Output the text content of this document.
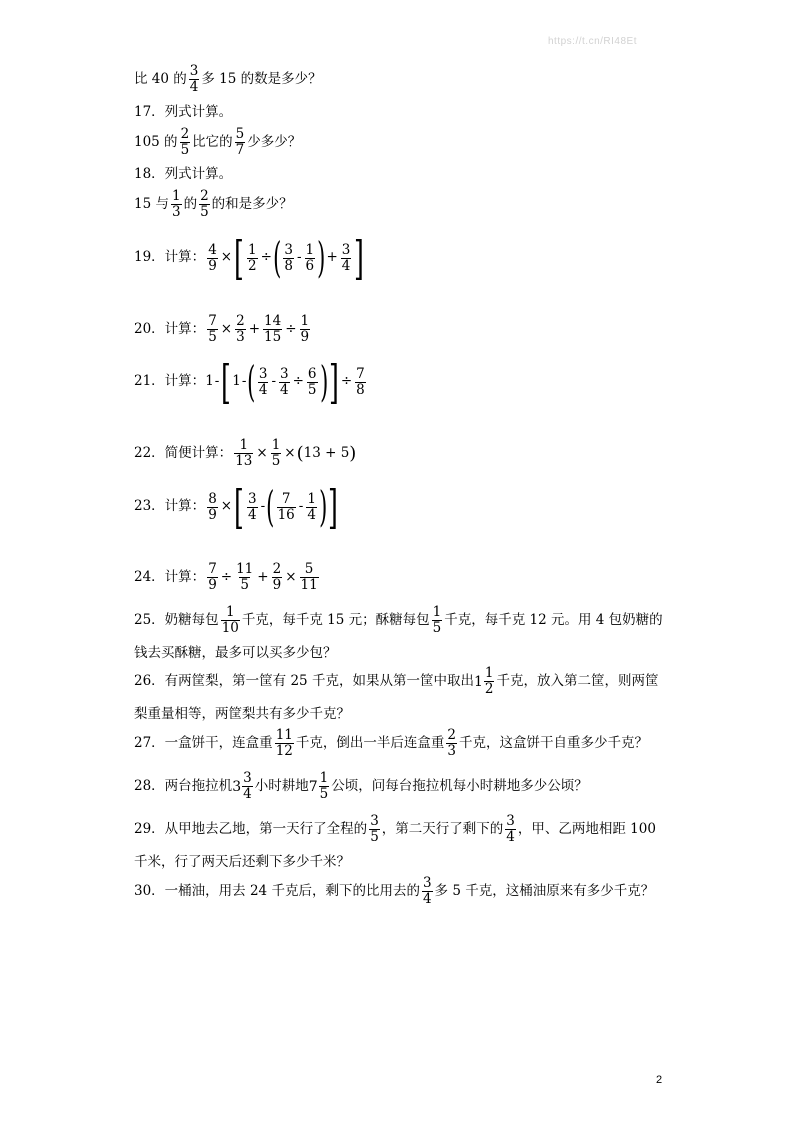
https://t.cn/RI48Et
比 40 的 $\frac{3}{4}$ 多 15 的数是多少？
17．列式计算。
105 的 $\frac{2}{5}$ 比它的 $\frac{5}{7}$ 少多少？
18．列式计算。
15 与 $\frac{1}{3}$ 的 $\frac{2}{5}$ 的和是多少？
19．计算： $\frac{4}{9}$ × [ $\frac{1}{2}$ ÷ ( $\frac{3}{8} - \frac{1}{6}$ ) + $\frac{3}{4}$ ]
20．计算： $\frac{7}{5} \times \frac{2}{3} + \frac{14}{15} \div \frac{1}{9}$
21．计算： 1 - [ 1 - ( $\frac{3}{4} - \frac{3}{4} \div \frac{6}{5}$ ) ] ÷ $\frac{7}{8}$
22．简便计算： $\frac{1}{13} \times \frac{1}{5}$ × ( 13 + 5 )
23．计算： $\frac{8}{9}$ × [ $\frac{3}{4}$ - ( $\frac{7}{16} - \frac{1}{4}$ ) ]
24．计算： $\frac{7}{9} \div \frac{11}{5} + \frac{2}{9} \times \frac{5}{11}$
25．奶糖每包 $\frac{1}{10}$ 千克，每千克 15 元；酥糖每包 $\frac{1}{5}$ 千克，每千克 12 元。用 4 包奶糖的
钱去买酥糖，最多可以买多少包？
26．有两筐梨，第一筐有 25 千克，如果从第一筐中取出 $1 \frac{1}{2}$ 千克，放入第二筐，则两筐
梨重量相等，两筐梨共有多少千克？
27．一盒饼干，连盒重 $\frac{11}{12}$ 千克，倒出一半后连盒重 $\frac{2}{3}$ 千克，这盒饼干自重多少千克？
28．两台拖拉机 $3 \frac{3}{4}$ 小时耕地 $7 \frac{1}{5}$ 公顷，问每台拖拉机每小时耕地多少公顷？
29．从甲地去乙地，第一天行了全程的 $\frac{3}{5}$ ，第二天行了剩下的 $\frac{3}{4}$ ，甲、乙两地相距 100
千米，行了两天后还剩下多少千米？
30．一桶油，用去 24 千克后，剩下的比用去的 $\frac{3}{4}$ 多 5 千克，这桶油原来有多少千克？
2
